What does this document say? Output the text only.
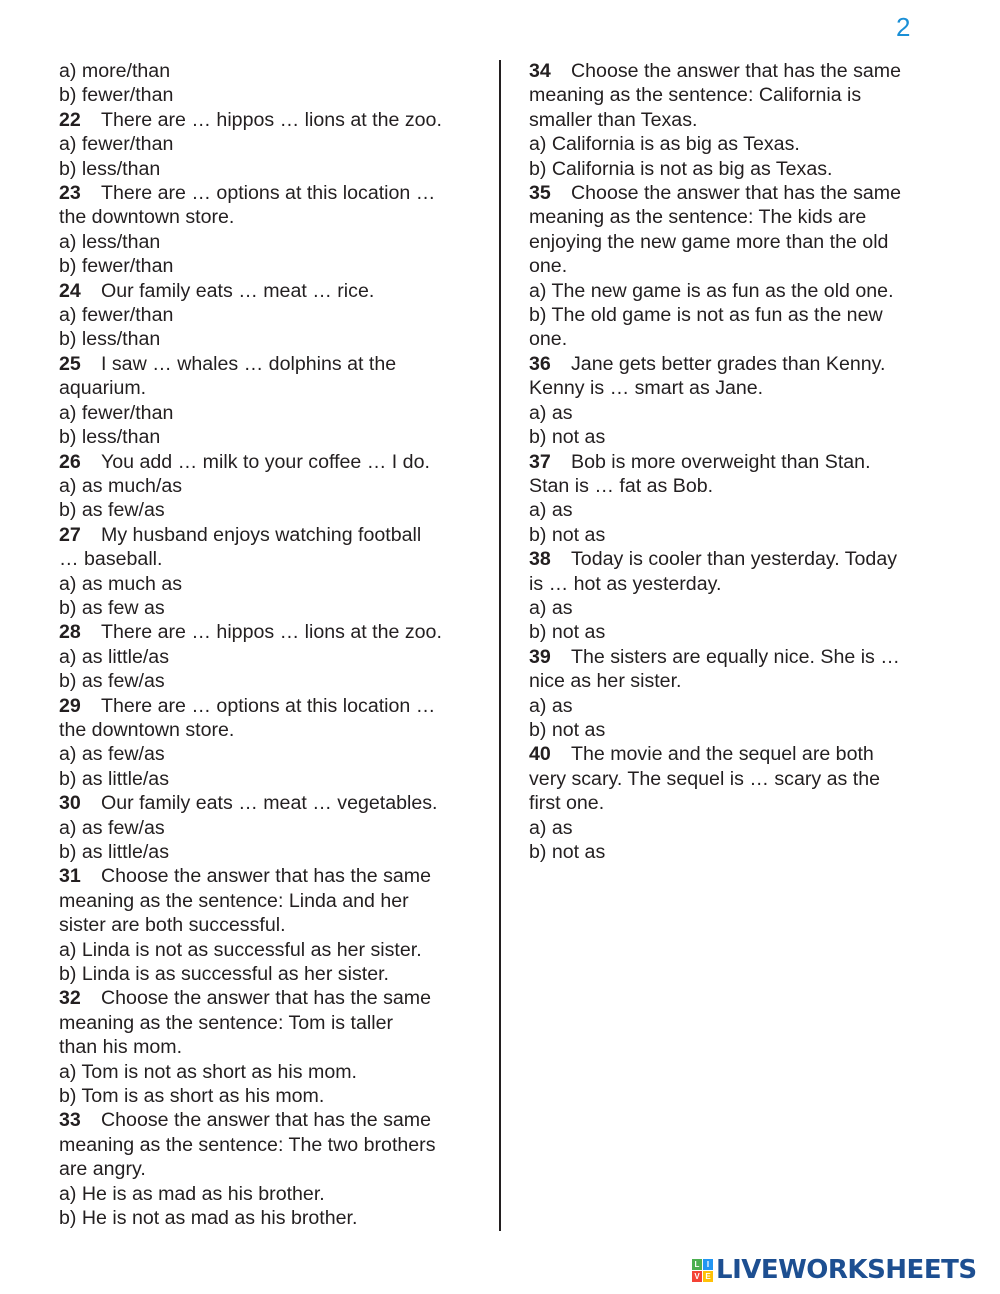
2
a) more/than
b) fewer/than
22 There are … hippos … lions at the zoo.
a) fewer/than
b) less/than
23 There are … options at this location …
the downtown store.
a) less/than
b) fewer/than
24 Our family eats … meat … rice.
a) fewer/than
b) less/than
25 I saw … whales … dolphins at the
aquarium.
a) fewer/than
b) less/than
26 You add … milk to your coffee … I do.
a) as much/as
b) as few/as
27 My husband enjoys watching football
… baseball.
a) as much as
b) as few as
28 There are … hippos … lions at the zoo.
a) as little/as
b) as few/as
29 There are … options at this location …
the downtown store.
a) as few/as
b) as little/as
30 Our family eats … meat … vegetables.
a) as few/as
b) as little/as
31 Choose the answer that has the same
meaning as the sentence: Linda and her
sister are both successful.
a) Linda is not as successful as her sister.
b) Linda is as successful as her sister.
32 Choose the answer that has the same
meaning as the sentence: Tom is taller
than his mom.
a) Tom is not as short as his mom.
b) Tom is as short as his mom.
33 Choose the answer that has the same
meaning as the sentence: The two brothers
are angry.
a) He is as mad as his brother.
b) He is not as mad as his brother.
34 Choose the answer that has the same
meaning as the sentence: California is
smaller than Texas.
a) California is as big as Texas.
b) California is not as big as Texas.
35 Choose the answer that has the same
meaning as the sentence: The kids are
enjoying the new game more than the old
one.
a) The new game is as fun as the old one.
b) The old game is not as fun as the new
one.
36 Jane gets better grades than Kenny.
Kenny is … smart as Jane.
a) as
b) not as
37 Bob is more overweight than Stan.
Stan is … fat as Bob.
a) as
b) not as
38 Today is cooler than yesterday. Today
is … hot as yesterday.
a) as
b) not as
39 The sisters are equally nice. She is …
nice as her sister.
a) as
b) not as
40 The movie and the sequel are both
very scary. The sequel is … scary as the
first one.
a) as
b) not as
L I
V E LIVEWORKSHEETS
